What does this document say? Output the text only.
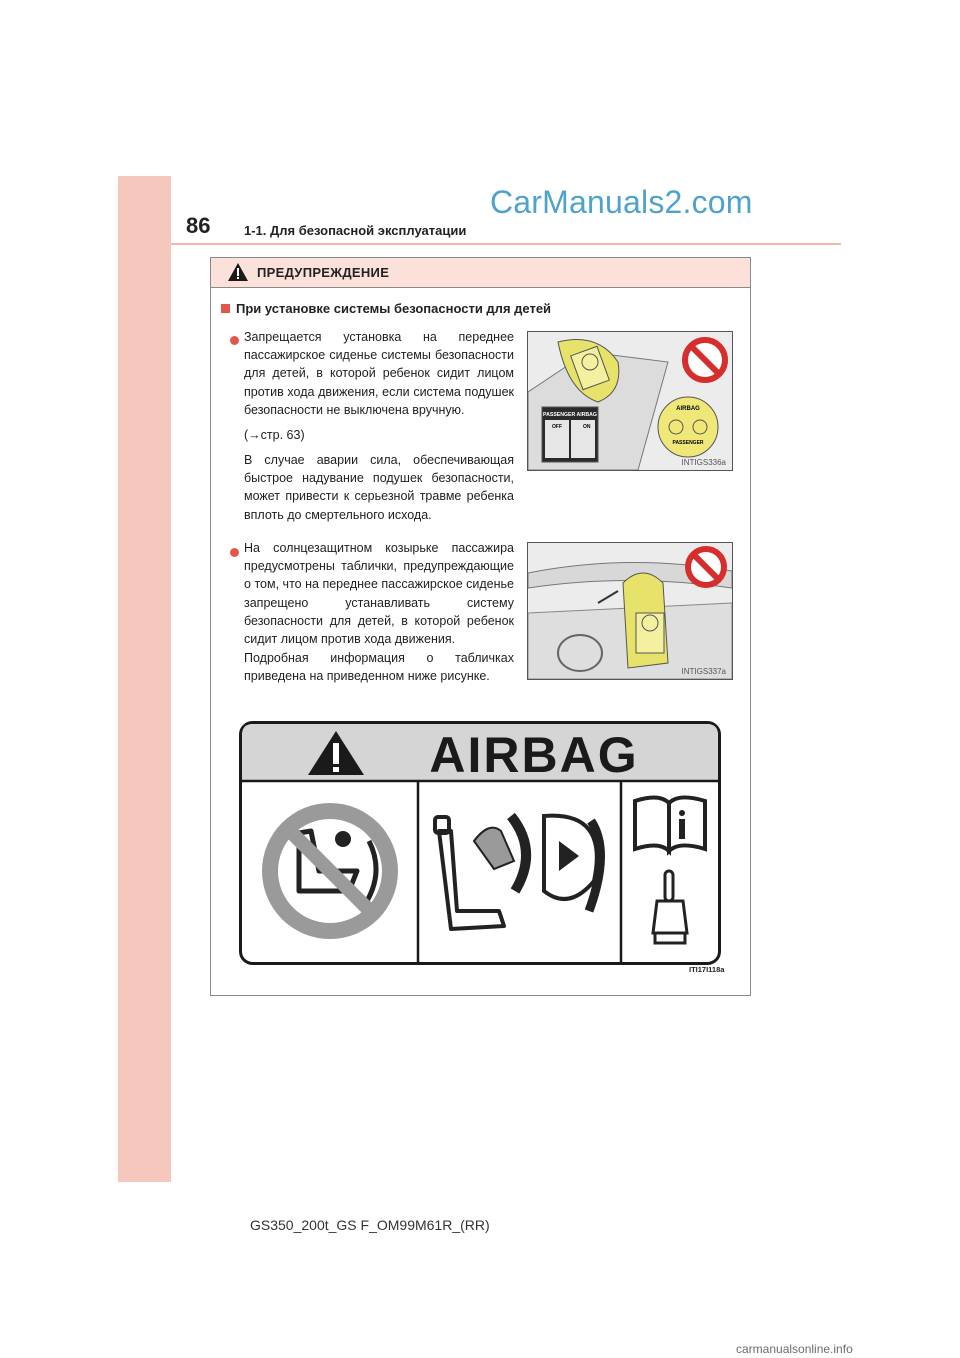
86	1-1. Для безопасной эксплуатации
CarManuals2.com
ПРЕДУПРЕЖДЕНИЕ
При установке системы безопасности для детей
Запрещается установка на переднее пассажирское сиденье системы безопасности для детей, в которой ребенок сидит лицом против хода движения, если система подушек безопасности не выключена вручную.
(→стр. 63)
В случае аварии сила, обеспечивающая быстрое надувание подушек безопасности, может привести к серьезной травме ребенка вплоть до смертельного исхода.
AIRBAG
PASSENGER
PASSENGER AIRBAG
OFF	ON
INTIGS336a
На солнцезащитном козырьке пассажира предусмотрены таблички, предупреждающие о том, что на переднее пассажирское сиденье запрещено устанавливать систему безопасности для детей, в которой ребенок сидит лицом против хода движения.
Подробная информация о табличках приведена на приведенном ниже рисунке.	INTIGS337a
AIRBAG
ITI17I118a
GS350_200t_GS F_OM99M61R_(RR)
carmanualsonline.info
